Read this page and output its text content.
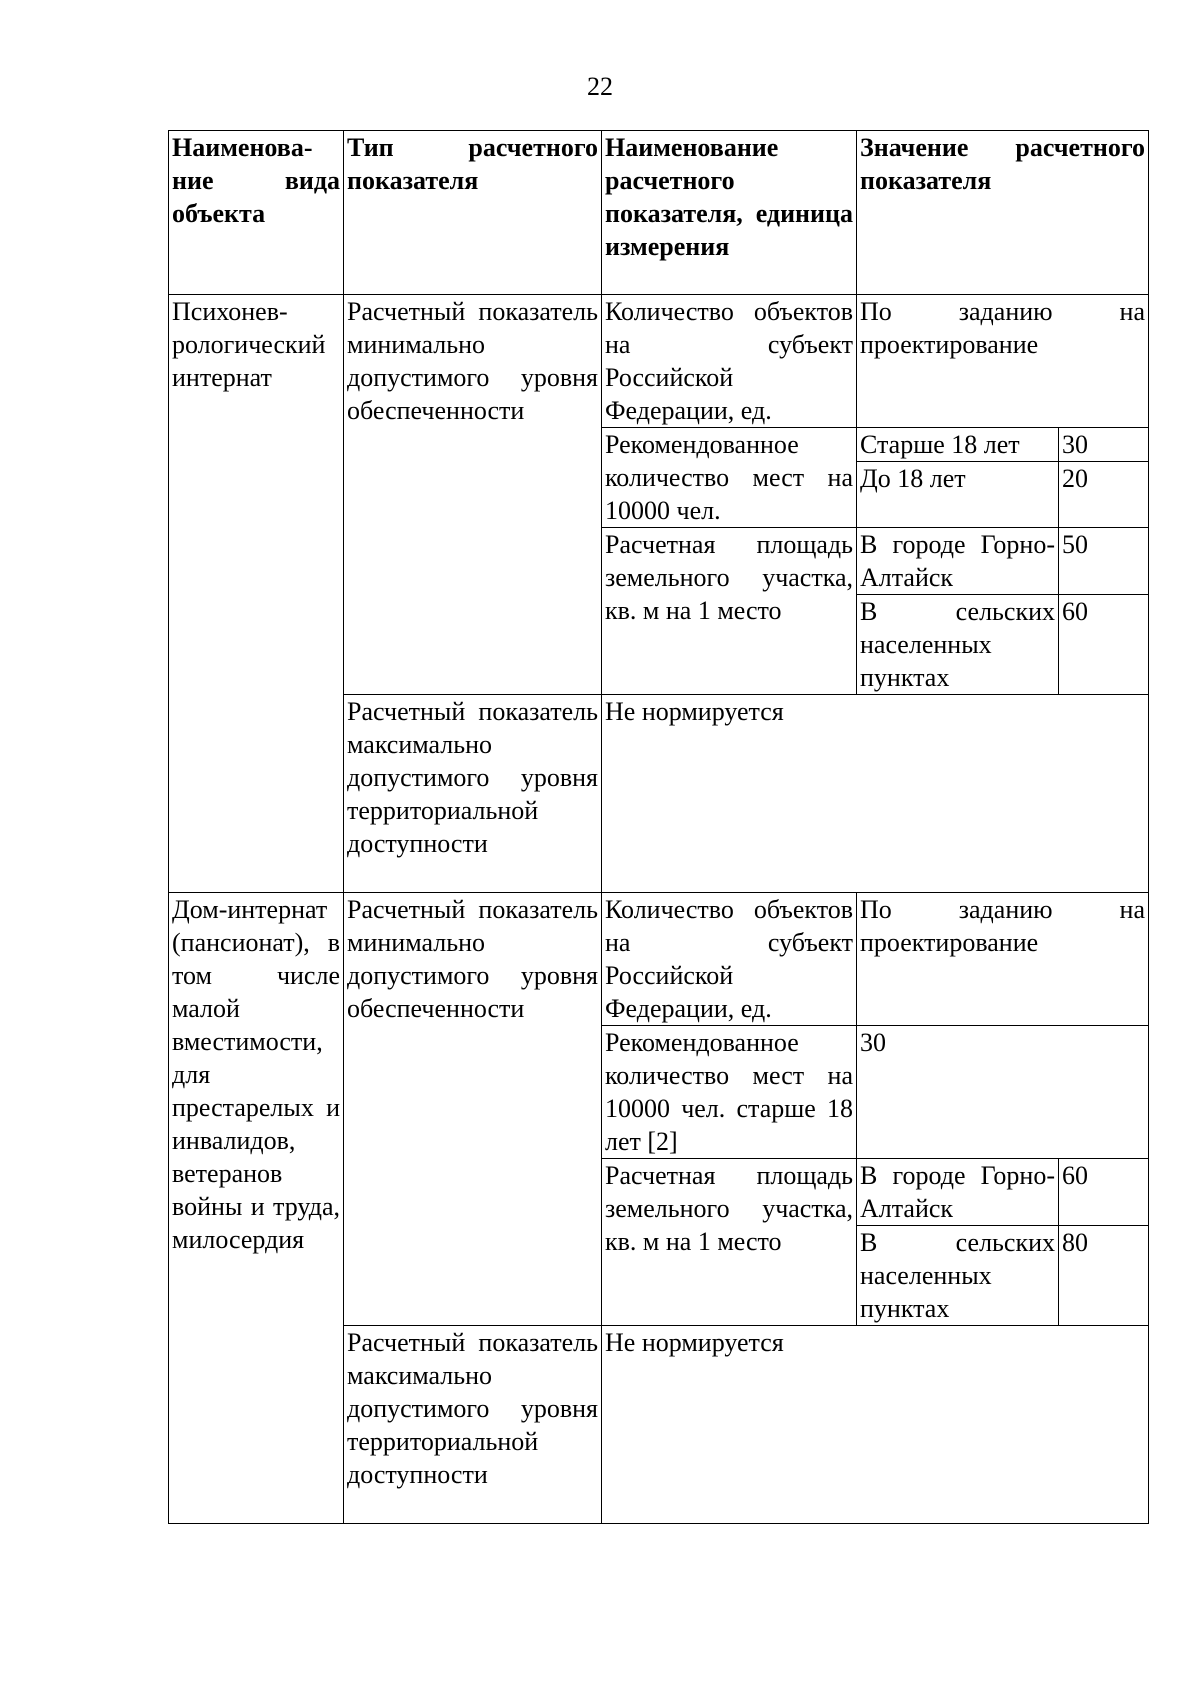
22
Наименова-ние вида объекта	Тип расчетного показателя	Наименование расчетного показателя, единица измерения	Значение расчетного показателя	
Психонев-рологический интернат	Расчетный показатель минимально допустимого уровня обеспеченности	Количество объектов на субъект Российской Федерации, ед.	По заданию на проектирование	
		Рекомендованное количество мест на 10000 чел.	Старше 18 лет	30
			До 18 лет	20
		Расчетная площадь земельного участка, кв. м на 1 место	В городе Горно-Алтайск	50
			В сельских населенных пунктах	60
	Расчетный показатель максимально допустимого уровня территориальной доступности	Не нормируется		
Дом-интернат (пансионат), в том числе малой вместимости, для престарелых и инвалидов, ветеранов войны и труда, милосердия	Расчетный показатель минимально допустимого уровня обеспеченности	Количество объектов на субъект Российской Федерации, ед.	По заданию на проектирование	
		Рекомендованное количество мест на 10000 чел. старше 18 лет [2]	30	
		Расчетная площадь земельного участка, кв. м на 1 место	В городе Горно-Алтайск	60
			В сельских населенных пунктах	80
	Расчетный показатель максимально допустимого уровня территориальной доступности	Не нормируется		
